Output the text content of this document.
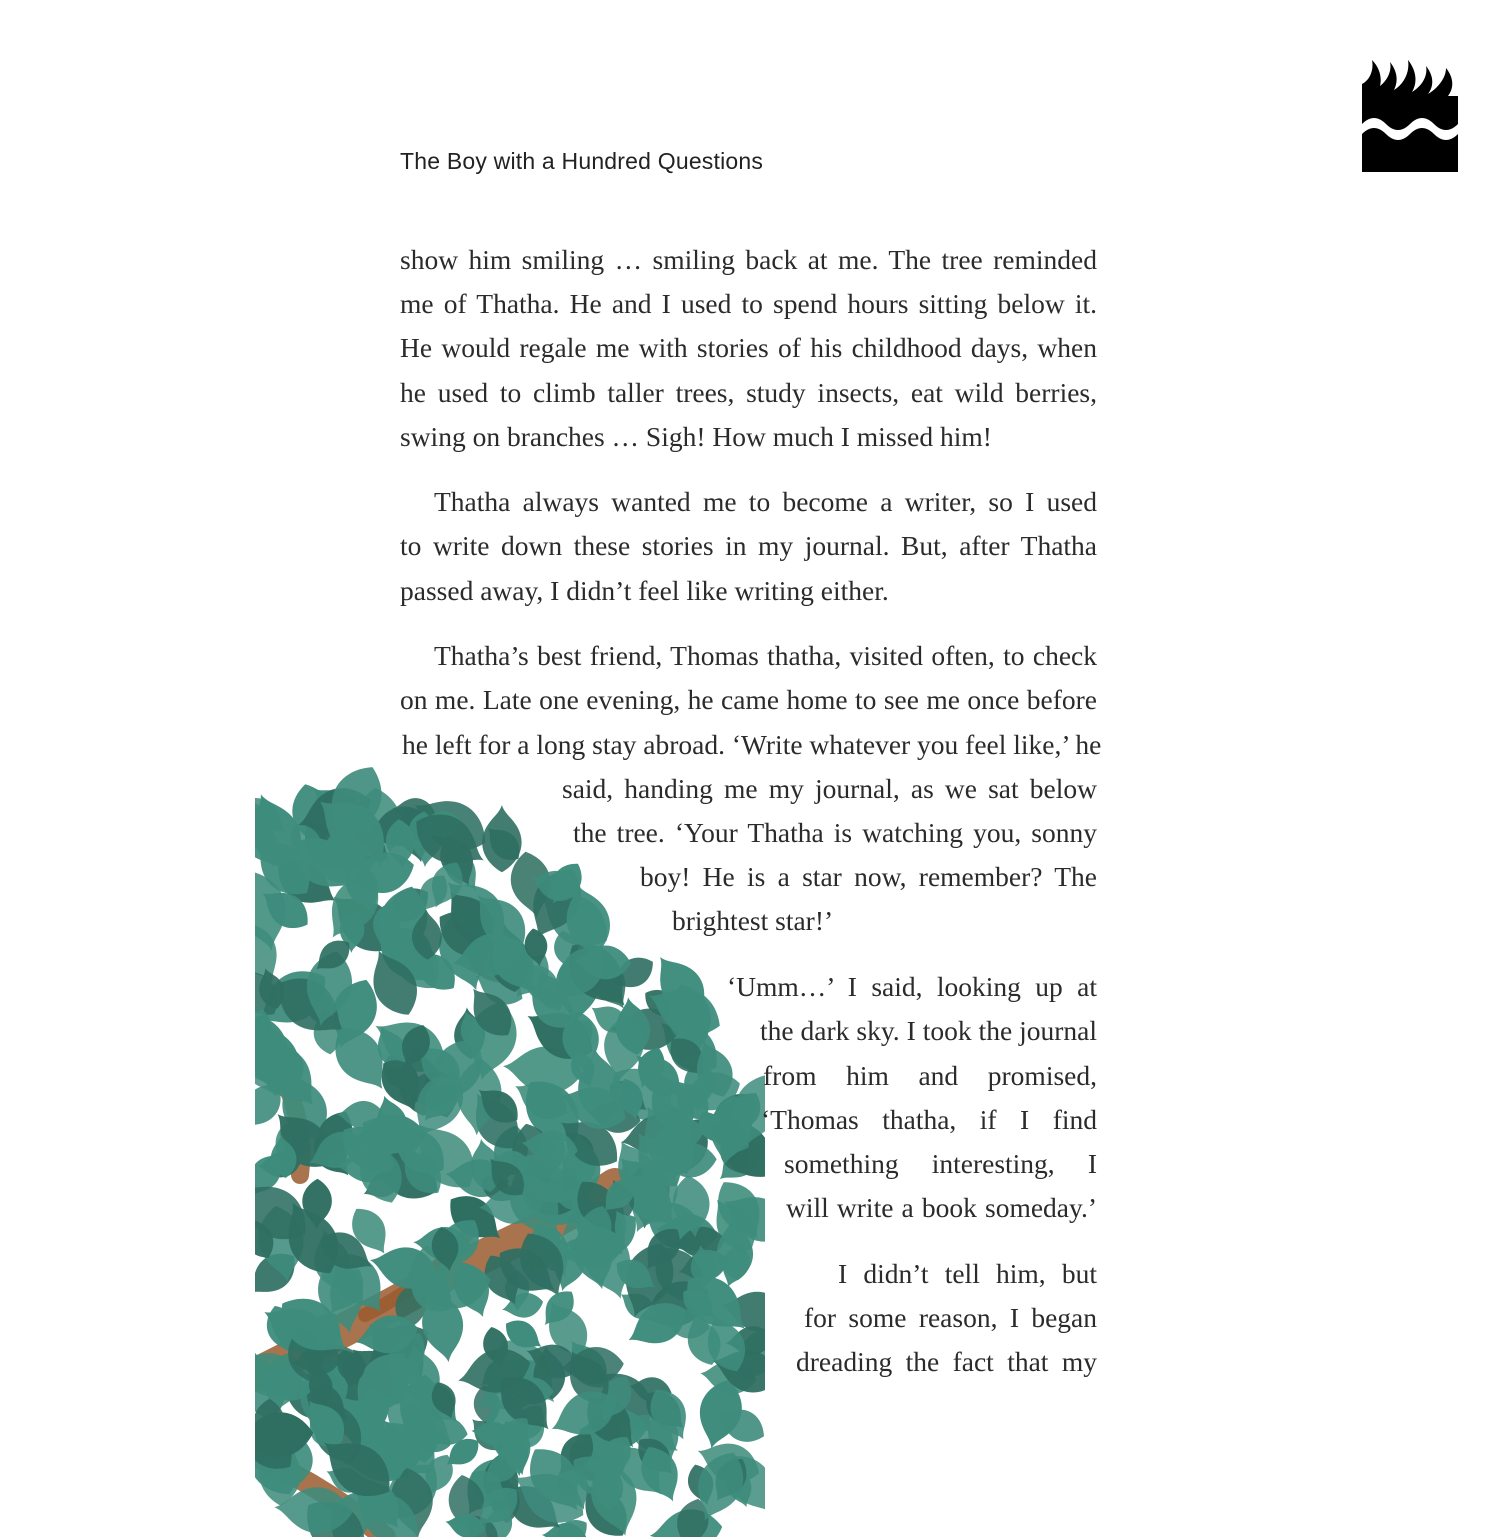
The Boy with a Hundred Questions
show him smiling … smiling back at me. The tree reminded
me of Thatha. He and I used to spend hours sitting below it.
He would regale me with stories of his childhood days, when
he used to climb taller trees, study insects, eat wild berries,
swing on branches … Sigh! How much I missed him!
Thatha always wanted me to become a writer, so I used
to write down these stories in my journal. But, after Thatha
passed away, I didn’t feel like writing either.
Thatha’s best friend, Thomas thatha, visited often, to check
on me. Late one evening, he came home to see me once before
he left for a long stay abroad. ‘Write whatever you feel like,’ he
said, handing me my journal, as we sat below
the tree. ‘Your Thatha is watching you, sonny
boy! He is a star now, remember? The
brightest star!’
‘Umm…’ I said, looking up at
the dark sky. I took the journal
from him and promised,
‘Thomas thatha, if I find
something interesting, I
will write a book someday.’
I didn’t tell him, but
for some reason, I began
dreading the fact that my
